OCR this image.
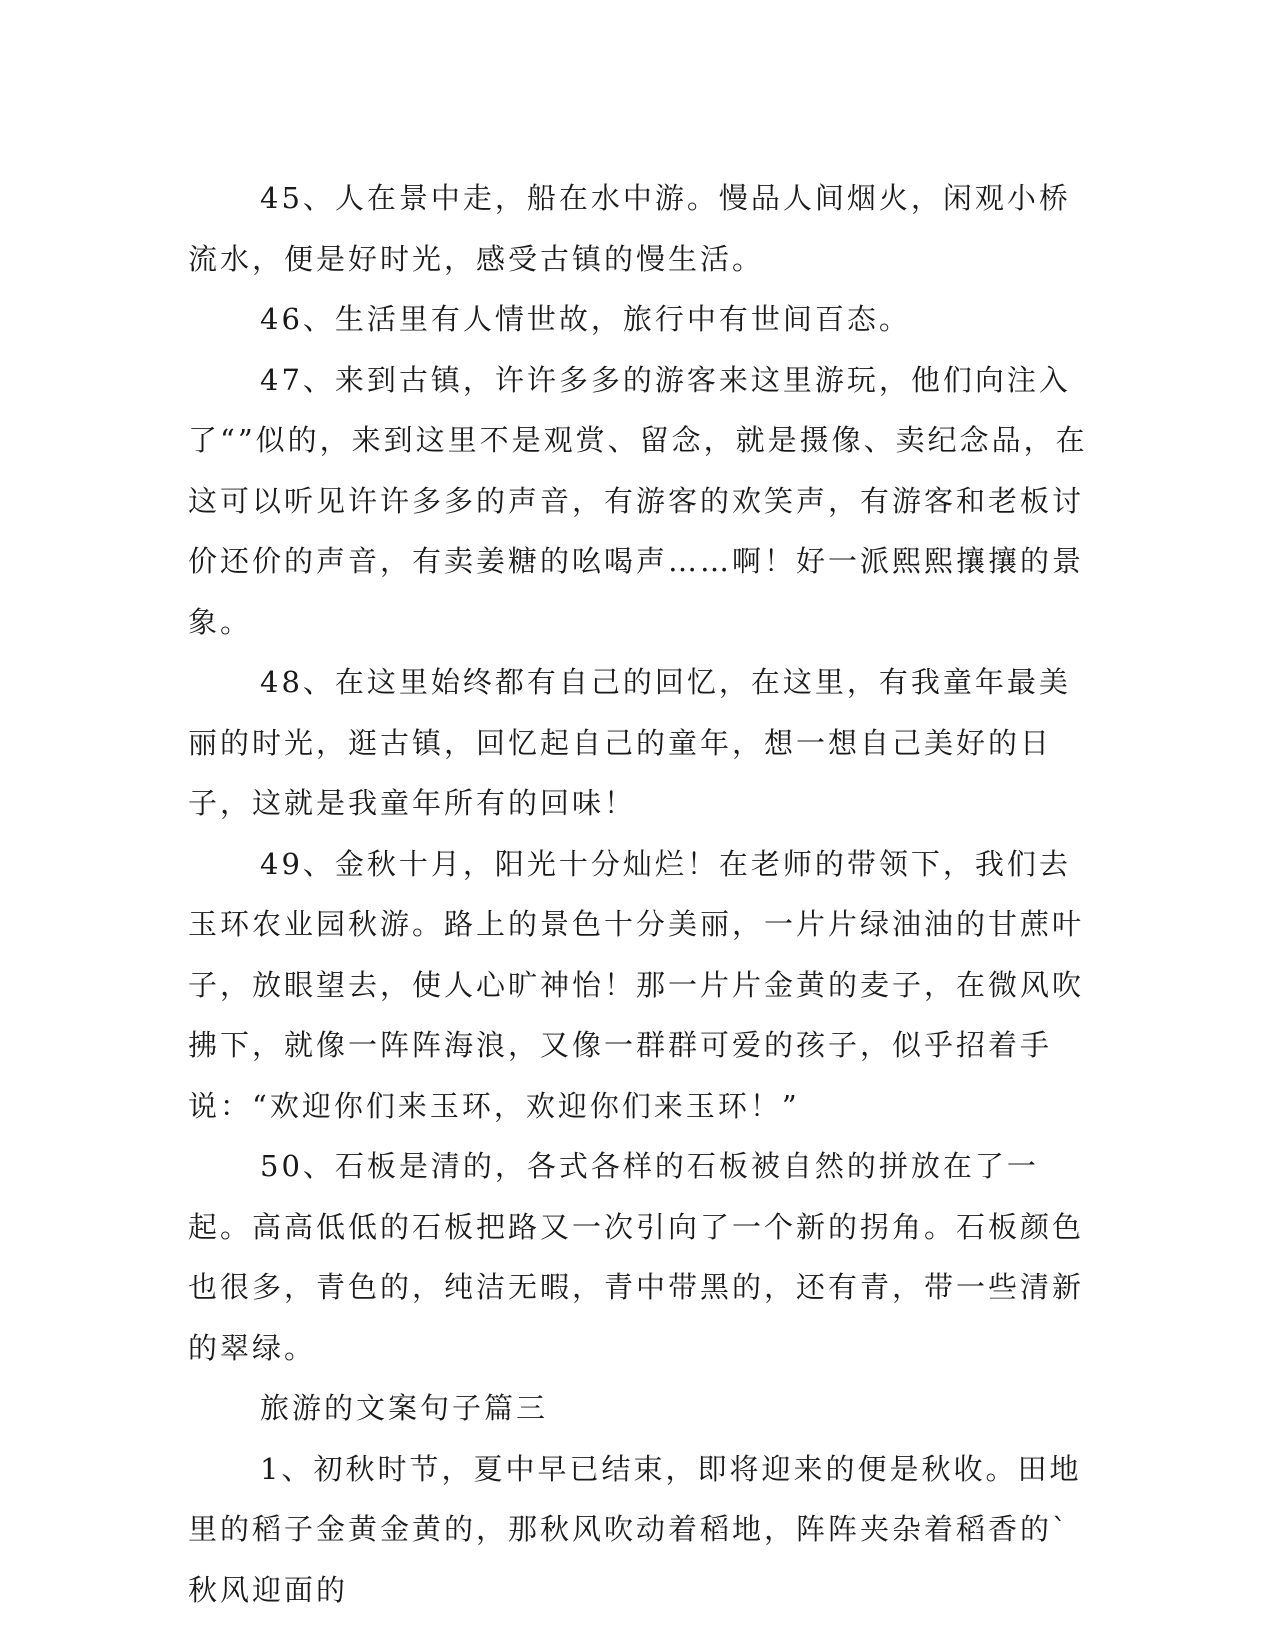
45、人在景中走，船在水中游。慢品人间烟火，闲观小桥流水，便是好时光，感受古镇的慢生活。

46、生活里有人情世故，旅行中有世间百态。

47、来到古镇，许许多多的游客来这里游玩，他们向注入了“”似的，来到这里不是观赏、留念，就是摄像、卖纪念品，在这可以听见许许多多的声音，有游客的欢笑声，有游客和老板讨价还价的声音，有卖姜糖的吆喝声……啊！好一派熙熙攘攘的景象。

48、在这里始终都有自己的回忆，在这里，有我童年最美丽的时光，逛古镇，回忆起自己的童年，想一想自己美好的日子，这就是我童年所有的回味！

49、金秋十月，阳光十分灿烂！在老师的带领下，我们去玉环农业园秋游。路上的景色十分美丽，一片片绿油油的甘蔗叶子，放眼望去，使人心旷神怡！那一片片金黄的麦子，在微风吹拂下，就像一阵阵海浪，又像一群群可爱的孩子，似乎招着手说：“欢迎你们来玉环，欢迎你们来玉环！”

50、石板是清的，各式各样的石板被自然的拼放在了一起。高高低低的石板把路又一次引向了一个新的拐角。石板颜色也很多，青色的，纯洁无暇，青中带黑的，还有青，带一些清新的翠绿。

旅游的文案句子篇三

1、初秋时节，夏中早已结束，即将迎来的便是秋收。田地里的稻子金黄金黄的，那秋风吹动着稻地，阵阵夹杂着稻香的`秋风迎面的
